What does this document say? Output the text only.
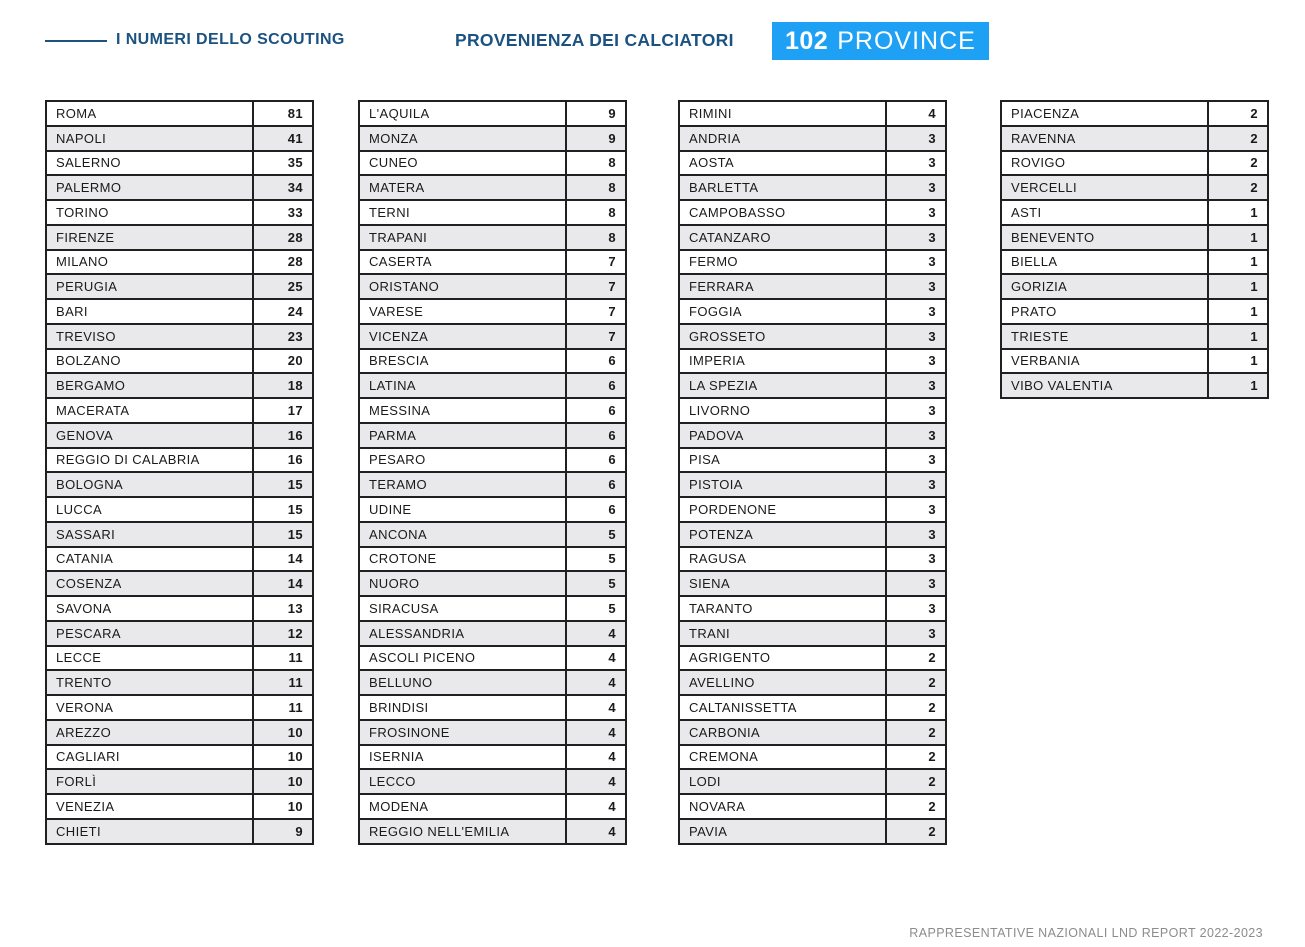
I NUMERI DELLO SCOUTING	PROVENIENZA DEI CALCIATORI 102 PROVINCE
ROMA	81
NAPOLI	41
SALERNO	35
PALERMO	34
TORINO	33
FIRENZE	28
MILANO	28
PERUGIA	25
BARI	24
TREVISO	23
BOLZANO	20
BERGAMO	18
MACERATA	17
GENOVA	16
REGGIO DI CALABRIA	16
BOLOGNA	15
LUCCA	15
SASSARI	15
CATANIA	14
COSENZA	14
SAVONA	13
PESCARA	12
LECCE	11
TRENTO	11
VERONA	11
AREZZO	10
CAGLIARI	10
FORLÌ	10
VENEZIA	10
CHIETI	9
L'AQUILA	9
MONZA	9
CUNEO	8
MATERA	8
TERNI	8
TRAPANI	8
CASERTA	7
ORISTANO	7
VARESE	7
VICENZA	7
BRESCIA	6
LATINA	6
MESSINA	6
PARMA	6
PESARO	6
TERAMO	6
UDINE	6
ANCONA	5
CROTONE	5
NUORO	5
SIRACUSA	5
ALESSANDRIA	4
ASCOLI PICENO	4
BELLUNO	4
BRINDISI	4
FROSINONE	4
ISERNIA	4
LECCO	4
MODENA	4
REGGIO NELL'EMILIA	4
RIMINI	4
ANDRIA	3
AOSTA	3
BARLETTA	3
CAMPOBASSO	3
CATANZARO	3
FERMO	3
FERRARA	3
FOGGIA	3
GROSSETO	3
IMPERIA	3
LA SPEZIA	3
LIVORNO	3
PADOVA	3
PISA	3
PISTOIA	3
PORDENONE	3
POTENZA	3
RAGUSA	3
SIENA	3
TARANTO	3
TRANI	3
AGRIGENTO	2
AVELLINO	2
CALTANISSETTA	2
CARBONIA	2
CREMONA	2
LODI	2
NOVARA	2
PAVIA	2
PIACENZA	2
RAVENNA	2
ROVIGO	2
VERCELLI	2
ASTI	1
BENEVENTO	1
BIELLA	1
GORIZIA	1
PRATO	1
TRIESTE	1
VERBANIA	1
VIBO VALENTIA	1
RAPPRESENTATIVE NAZIONALI LND REPORT 2022-2023
